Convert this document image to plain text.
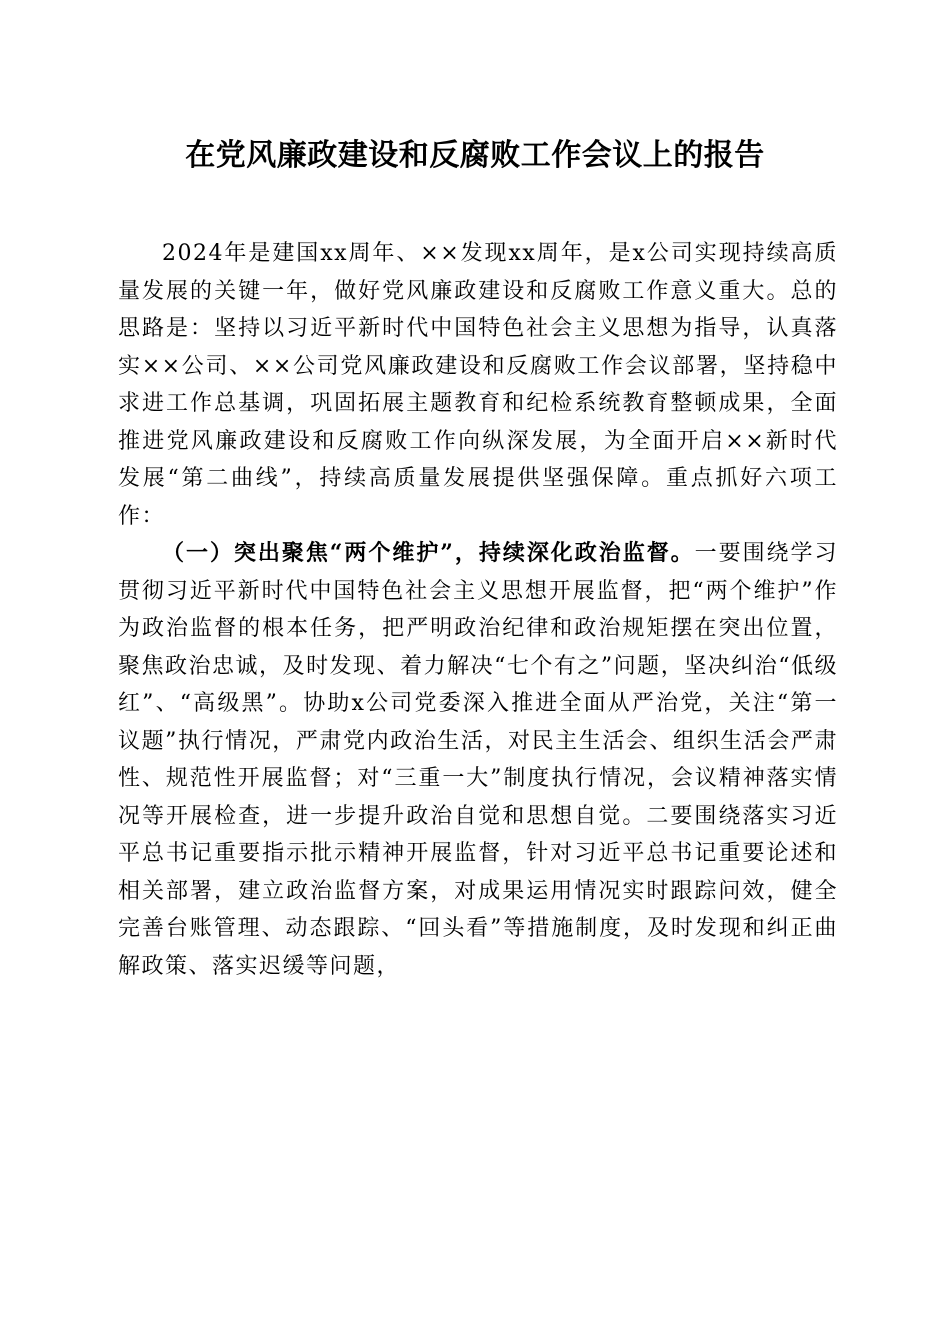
在党风廉政建设和反腐败工作会议上的报告

2024年是建国xx周年、××发现xx周年，是x公司实现持续高质量发展的关键一年，做好党风廉政建设和反腐败工作意义重大。总的思路是：坚持以习近平新时代中国特色社会主义思想为指导，认真落实××公司、××公司党风廉政建设和反腐败工作会议部署，坚持稳中求进工作总基调，巩固拓展主题教育和纪检系统教育整顿成果，全面推进党风廉政建设和反腐败工作向纵深发展，为全面开启××新时代发展“第二曲线”，持续高质量发展提供坚强保障。重点抓好六项工作：

（一）突出聚焦“两个维护”，持续深化政治监督。一要围绕学习贯彻习近平新时代中国特色社会主义思想开展监督，把“两个维护”作为政治监督的根本任务，把严明政治纪律和政治规矩摆在突出位置，聚焦政治忠诚，及时发现、着力解决“七个有之”问题，坚决纠治“低级红”、“高级黑”。协助x公司党委深入推进全面从严治党，关注“第一议题”执行情况，严肃党内政治生活，对民主生活会、组织生活会严肃性、规范性开展监督；对“三重一大”制度执行情况，会议精神落实情况等开展检查，进一步提升政治自觉和思想自觉。二要围绕落实习近平总书记重要指示批示精神开展监督，针对习近平总书记重要论述和相关部署，建立政治监督方案，对成果运用情况实时跟踪问效，健全完善台账管理、动态跟踪、“回头看”等措施制度，及时发现和纠正曲解政策、落实迟缓等问题，
